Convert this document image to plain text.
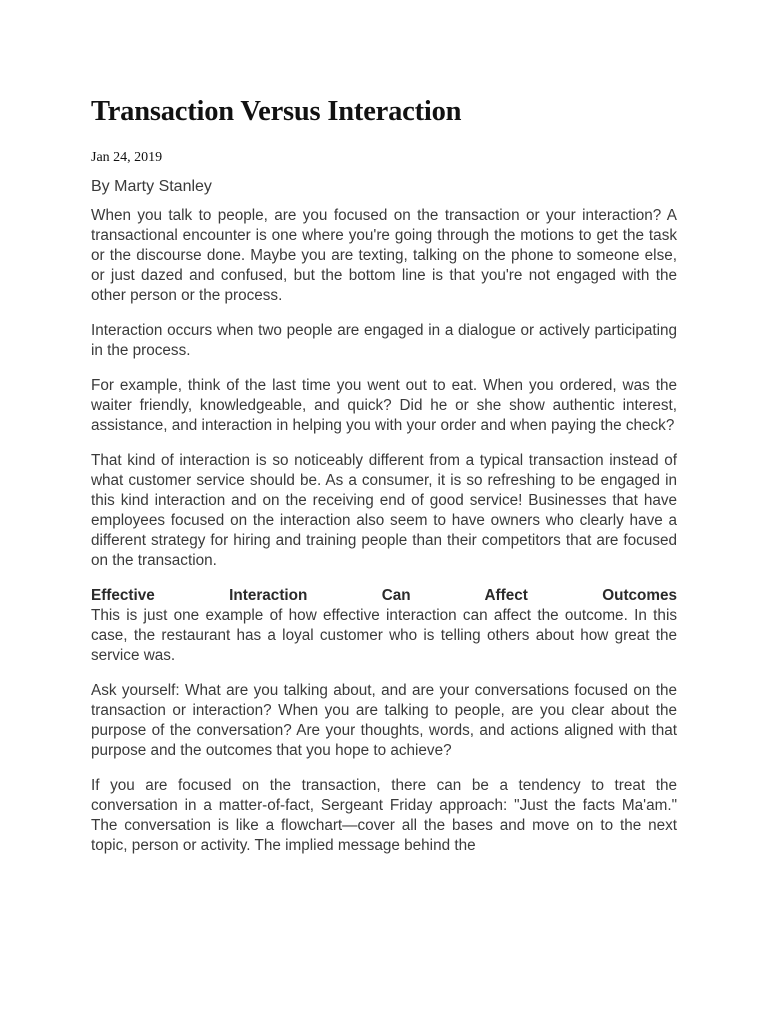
Transaction Versus Interaction
Jan 24, 2019
By Marty Stanley

When you talk to people, are you focused on the transaction or your interaction? A transactional encounter is one where you're going through the motions to get the task or the discourse done. Maybe you are texting, talking on the phone to someone else, or just dazed and confused, but the bottom line is that you're not engaged with the other person or the process.

Interaction occurs when two people are engaged in a dialogue or actively participating in the process.

For example, think of the last time you went out to eat. When you ordered, was the waiter friendly, knowledgeable, and quick? Did he or she show authentic interest, assistance, and interaction in helping you with your order and when paying the check?

That kind of interaction is so noticeably different from a typical transaction instead of what customer service should be. As a consumer, it is so refreshing to be engaged in this kind interaction and on the receiving end of good service! Businesses that have employees focused on the interaction also seem to have owners who clearly have a different strategy for hiring and training people than their competitors that are focused on the transaction.

Effective Interaction Can Affect Outcomes
This is just one example of how effective interaction can affect the outcome. In this case, the restaurant has a loyal customer who is telling others about how great the service was.

Ask yourself: What are you talking about, and are your conversations focused on the transaction or interaction? When you are talking to people, are you clear about the purpose of the conversation? Are your thoughts, words, and actions aligned with that purpose and the outcomes that you hope to achieve?

If you are focused on the transaction, there can be a tendency to treat the conversation in a matter-of-fact, Sergeant Friday approach: "Just the facts Ma'am." The conversation is like a flowchart—cover all the bases and move on to the next topic, person or activity. The implied message behind the
